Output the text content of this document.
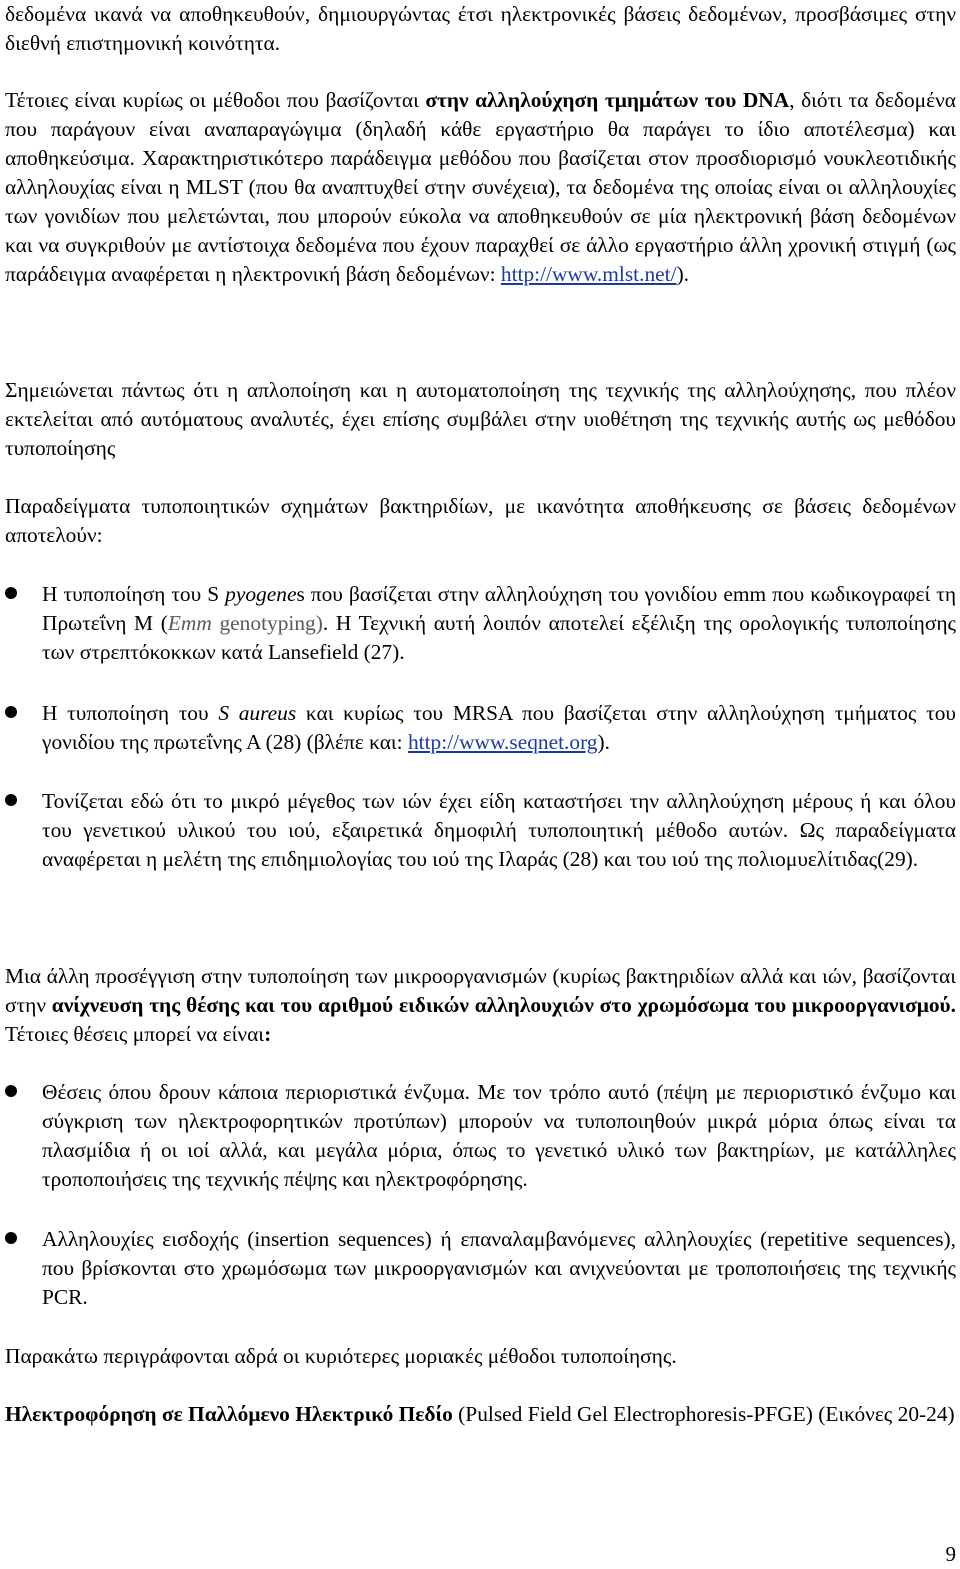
δεδομένα ικανά να αποθηκευθούν, δημιουργώντας έτσι ηλεκτρονικές βάσεις δεδομένων, προσβάσιμες στην διεθνή επιστημονική κοινότητα.

Τέτοιες είναι κυρίως οι μέθοδοι που βασίζονται στην αλληλούχηση τμημάτων του DNA, διότι τα δεδομένα που παράγουν είναι αναπαραγώγιμα (δηλαδή κάθε εργαστήριο θα παράγει το ίδιο αποτέλεσμα) και αποθηκεύσιμα. Χαρακτηριστικότερο παράδειγμα μεθόδου που βασίζεται στον προσδιορισμό νουκλεοτιδικής αλληλουχίας είναι η MLST (που θα αναπτυχθεί στην συνέχεια), τα δεδομένα της οποίας είναι οι αλληλουχίες των γονιδίων που μελετώνται, που μπορούν εύκολα να αποθηκευθούν σε μία ηλεκτρονική βάση δεδομένων και να συγκριθούν με αντίστοιχα δεδομένα που έχουν παραχθεί σε άλλο εργαστήριο άλλη χρονική στιγμή (ως παράδειγμα αναφέρεται η ηλεκτρονική βάση δεδομένων: http://www.mlst.net/).

Σημειώνεται πάντως ότι η απλοποίηση και η αυτοματοποίηση της τεχνικής της αλληλούχησης, που πλέον εκτελείται από αυτόματους αναλυτές, έχει επίσης συμβάλει στην υιοθέτηση της τεχνικής αυτής ως μεθόδου τυποποίησης

Παραδείγματα τυποποιητικών σχημάτων βακτηριδίων, με ικανότητα αποθήκευσης σε βάσεις δεδομένων αποτελούν:

Η τυποποίηση του S pyogenes που βασίζεται στην αλληλούχηση του γονιδίου emm που κωδικογραφεί τη Πρωτεΐνη Μ (Emm genotyping). Η Τεχνική αυτή λοιπόν αποτελεί εξέλιξη της ορολογικής τυποποίησης των στρεπτόκοκκων κατά Lansefield (27).

Η τυποποίηση του S aureus και κυρίως του MRSA που βασίζεται στην αλληλούχηση τμήματος του γονιδίου της πρωτεΐνης Α (28) (βλέπε και: http://www.seqnet.org).

Τονίζεται εδώ ότι το μικρό μέγεθος των ιών έχει είδη καταστήσει την αλληλούχηση μέρους ή και όλου του γενετικού υλικού του ιού, εξαιρετικά δημοφιλή τυποποιητική μέθοδο αυτών. Ως παραδείγματα αναφέρεται η μελέτη της επιδημιολογίας του ιού της Ιλαράς (28) και του ιού της πολιομυελίτιδας(29).

Μια άλλη προσέγγιση στην τυποποίηση των μικροοργανισμών (κυρίως βακτηριδίων αλλά και ιών, βασίζονται στην ανίχνευση της θέσης και του αριθμού ειδικών αλληλουχιών στο χρωμόσωμα του μικροοργανισμού. Τέτοιες θέσεις μπορεί να είναι:

Θέσεις όπου δρουν κάποια περιοριστικά ένζυμα. Με τον τρόπο αυτό (πέψη με περιοριστικό ένζυμο και σύγκριση των ηλεκτροφορητικών προτύπων) μπορούν να τυποποιηθούν μικρά μόρια όπως είναι τα πλασμίδια ή οι ιοί αλλά, και μεγάλα μόρια, όπως το γενετικό υλικό των βακτηρίων, με κατάλληλες τροποποιήσεις της τεχνικής πέψης και ηλεκτροφόρησης.

Αλληλουχίες εισδοχής (insertion sequences) ή επαναλαμβανόμενες αλληλουχίες (repetitive sequences), που βρίσκονται στο χρωμόσωμα των μικροοργανισμών και ανιχνεύονται με τροποποιήσεις της τεχνικής PCR.

Παρακάτω περιγράφονται αδρά οι κυριότερες μοριακές μέθοδοι τυποποίησης.

Ηλεκτροφόρηση σε Παλλόμενο Ηλεκτρικό Πεδίο (Pulsed Field Gel Electrophoresis-PFGE) (Εικόνες 20-24)

9
